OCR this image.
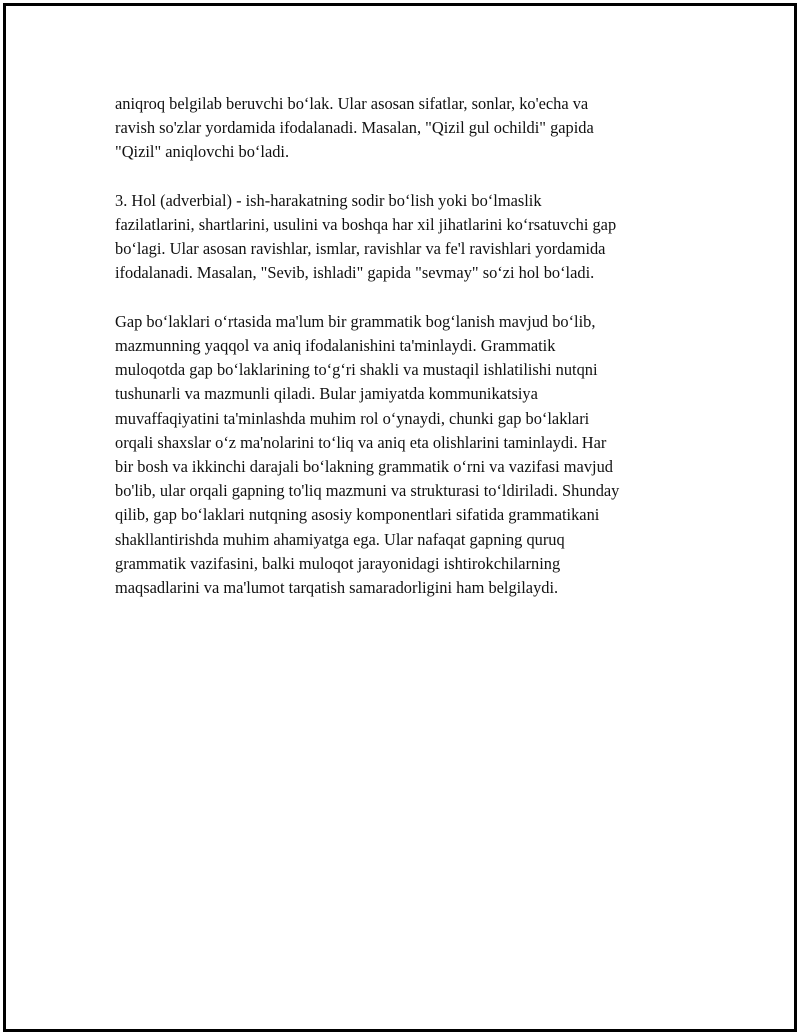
aniqroq belgilab beruvchi bo‘lak. Ular asosan sifatlar, sonlar, ko'echa va
ravish so'zlar yordamida ifodalanadi. Masalan, "Qizil gul ochildi" gapida
"Qizil" aniqlovchi bo‘ladi.

3. Hol (adverbial) - ish-harakatning sodir bo‘lish yoki bo‘lmaslik
fazilatlarini, shartlarini, usulini va boshqa har xil jihatlarini ko‘rsatuvchi gap
bo‘lagi. Ular asosan ravishlar, ismlar, ravishlar va fe'l ravishlari yordamida
ifodalanadi. Masalan, "Sevib, ishladi" gapida "sevmay" so‘zi hol bo‘ladi.

Gap bo‘laklari o‘rtasida ma'lum bir grammatik bog‘lanish mavjud bo‘lib,
mazmunning yaqqol va aniq ifodalanishini ta'minlaydi. Grammatik
muloqotda gap bo‘laklarining to‘g‘ri shakli va mustaqil ishlatilishi nutqni
tushunarli va mazmunli qiladi. Bular jamiyatda kommunikatsiya
muvaffaqiyatini ta'minlashda muhim rol o‘ynaydi, chunki gap bo‘laklari
orqali shaxslar o‘z ma'nolarini to‘liq va aniq eta olishlarini taminlaydi. Har
bir bosh va ikkinchi darajali bo‘lakning grammatik o‘rni va vazifasi mavjud
bo'lib, ular orqali gapning to'liq mazmuni va strukturasi to‘ldiriladi. Shunday
qilib, gap bo‘laklari nutqning asosiy komponentlari sifatida grammatikani
shakllantirishda muhim ahamiyatga ega. Ular nafaqat gapning quruq
grammatik vazifasini, balki muloqot jarayonidagi ishtirokchilarning
maqsadlarini va ma'lumot tarqatish samaradorligini ham belgilaydi.
